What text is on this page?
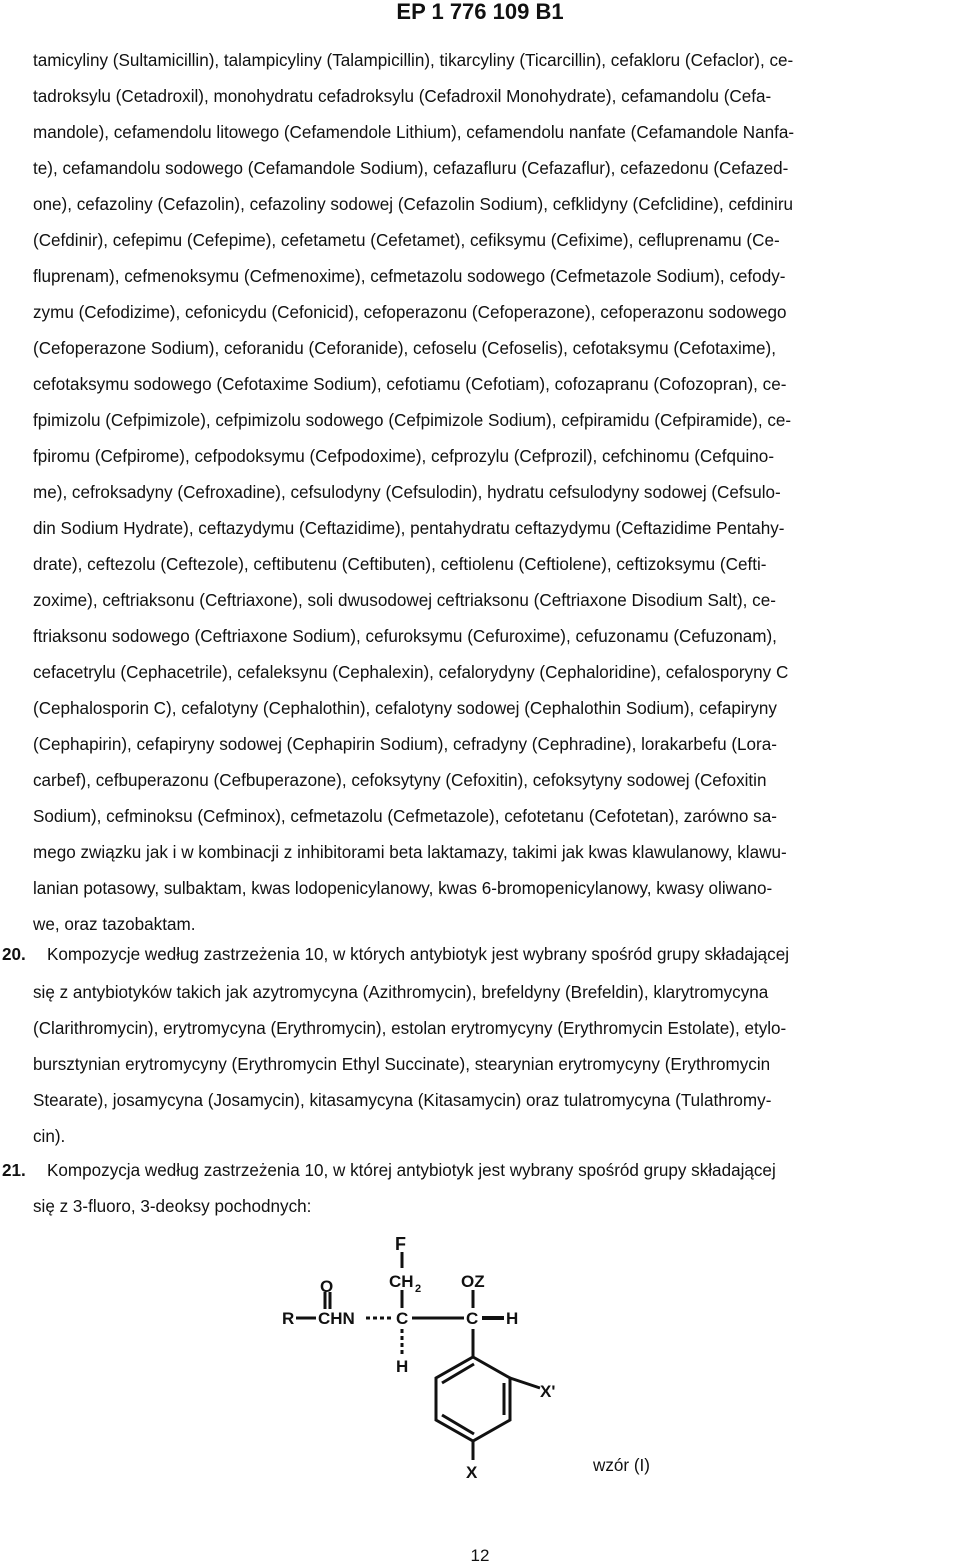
EP 1 776 109 B1
tamicyliny (Sultamicillin), talampicyliny (Talampicillin), tikarcyliny (Ticarcillin), cefakloru (Cefaclor), ce-
tadroksylu (Cetadroxil), monohydratu cefadroksylu (Cefadroxil Monohydrate), cefamandolu (Cefa-
mandole), cefamendolu litowego (Cefamendole Lithium), cefamendolu nanfate (Cefamandole Nanfa-
te), cefamandolu sodowego (Cefamandole Sodium), cefazafluru (Cefazaflur), cefazedonu (Cefazed-
one), cefazoliny (Cefazolin), cefazoliny sodowej (Cefazolin Sodium), cefklidyny (Cefclidine), cefdiniru
(Cefdinir), cefepimu (Cefepime), cefetametu (Cefetamet), cefiksymu (Cefixime), cefluprenamu (Ce-
fluprenam), cefmenoksymu (Cefmenoxime), cefmetazolu sodowego (Cefmetazole Sodium), cefody-
zymu (Cefodizime), cefonicydu (Cefonicid), cefoperazonu (Cefoperazone), cefoperazonu sodowego
(Cefoperazone Sodium), ceforanidu (Ceforanide), cefoselu (Cefoselis), cefotaksymu (Cefotaxime),
cefotaksymu sodowego (Cefotaxime Sodium), cefotiamu (Cefotiam), cofozapranu (Cofozopran), ce-
fpimizolu (Cefpimizole), cefpimizolu sodowego (Cefpimizole Sodium), cefpiramidu (Cefpiramide), ce-
fpiromu (Cefpirome), cefpodoksymu (Cefpodoxime), cefprozylu (Cefprozil), cefchinomu (Cefquino-
me), cefroksadyny (Cefroxadine), cefsulodyny (Cefsulodin), hydratu cefsulodyny sodowej (Cefsulo-
din Sodium Hydrate), ceftazydymu (Ceftazidime), pentahydratu ceftazydymu (Ceftazidime Pentahy-
drate), ceftezolu (Ceftezole), ceftibutenu (Ceftibuten), ceftiolenu (Ceftiolene), ceftizoksymu (Cefti-
zoxime), ceftriaksonu (Ceftriaxone), soli dwusodowej ceftriaksonu (Ceftriaxone Disodium Salt), ce-
ftriaksonu sodowego (Ceftriaxone Sodium), cefuroksymu (Cefuroxime), cefuzonamu (Cefuzonam),
cefacetrylu (Cephacetrile), cefaleksynu (Cephalexin), cefalorydyny (Cephaloridine), cefalosporyny C
(Cephalosporin C), cefalotyny (Cephalothin), cefalotyny sodowej (Cephalothin Sodium), cefapiryny
(Cephapirin), cefapiryny sodowej (Cephapirin Sodium), cefradyny (Cephradine), lorakarbefu (Lora-
carbef), cefbuperazonu (Cefbuperazone), cefoksytyny (Cefoxitin), cefoksytyny sodowej (Cefoxitin
Sodium), cefminoksu (Cefminox), cefmetazolu (Cefmetazole), cefotetanu (Cefotetan), zarówno sa-
mego związku jak i w kombinacji z inhibitorami beta laktamazy, takimi jak kwas klawulanowy, klawu-
lanian potasowy, sulbaktam, kwas lodopenicylanowy, kwas 6-bromopenicylanowy, kwasy oliwano-
we, oraz tazobaktam.
20. Kompozycje według zastrzeżenia 10, w których antybiotyk jest wybrany spośród grupy składającej
się z antybiotyków takich jak azytromycyna (Azithromycin), brefeldyny (Brefeldin), klarytromycyna
(Clarithromycin), erytromycyna (Erythromycin), estolan erytromycyny (Erythromycin Estolate), etylo-
bursztynian erytromycyny (Erythromycin Ethyl Succinate), stearynian erytromycyny (Erythromycin
Stearate), josamycyna (Josamycin), kitasamycyna (Kitasamycin) oraz tulatromycyna (Tulathromy-
cin).
21. Kompozycja według zastrzeżenia 10, w której antybiotyk jest wybrany spośród grupy składającej
się z 3-fluoro, 3-deoksy pochodnych:
F
CH 2 OZ
O
R CHN C	C H
H
X'
X	wzór (I)
12
